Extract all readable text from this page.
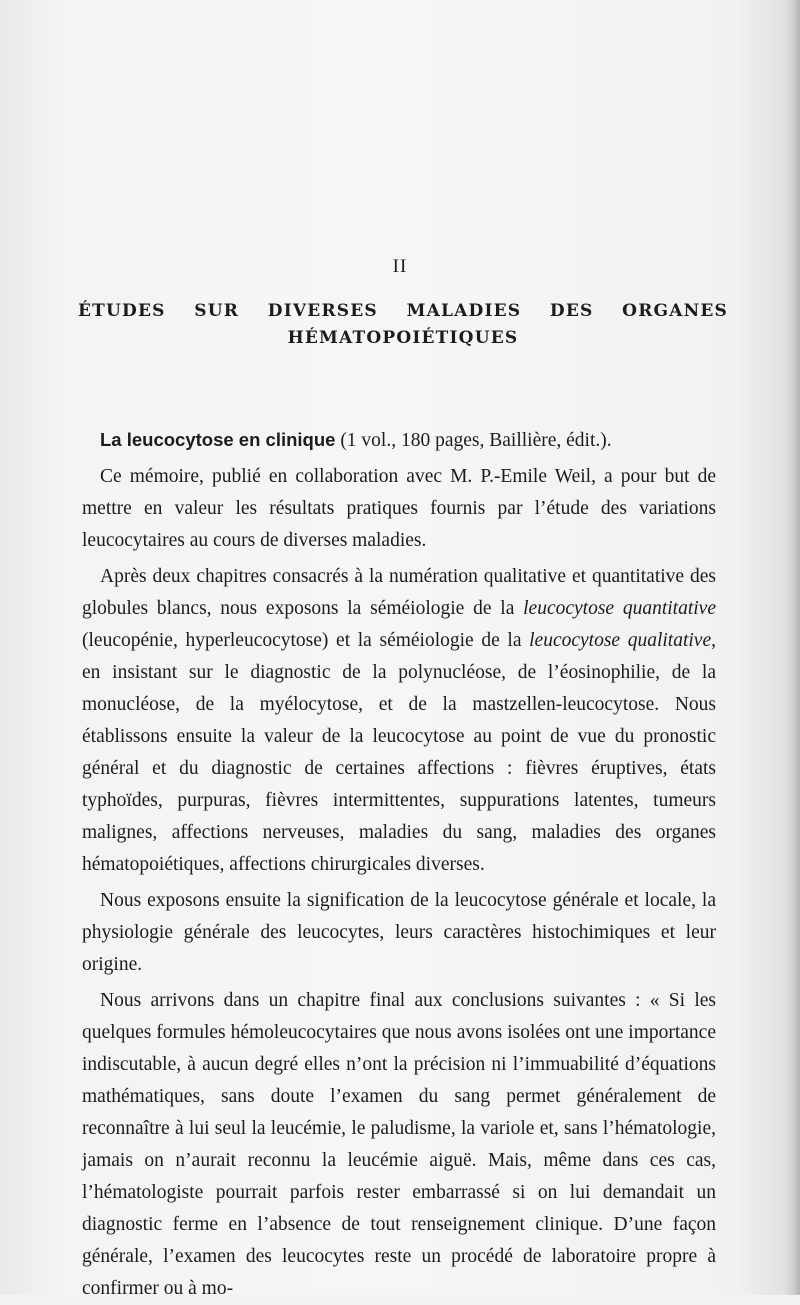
II
ÉTUDES SUR DIVERSES MALADIES DES ORGANES
HÉMATOPOIÉTIQUES

La leucocytose en clinique (1 vol., 180 pages, Baillière, édit.).

Ce mémoire, publié en collaboration avec M. P.-Emile Weil, a pour but de mettre en valeur les résultats pratiques fournis par l’étude des variations leucocytaires au cours de diverses maladies.

Après deux chapitres consacrés à la numération qualitative et quantitative des globules blancs, nous exposons la séméiologie de la leucocytose quantitative (leucopénie, hyperleucocytose) et la séméiologie de la leucocytose qualitative, en insistant sur le diagnostic de la polynucléose, de l’éosinophilie, de la monucléose, de la myélocytose, et de la mastzellen-leucocytose. Nous établissons ensuite la valeur de la leucocytose au point de vue du pronostic général et du diagnostic de certaines affections : fièvres éruptives, états typhoïdes, purpuras, fièvres intermittentes, suppurations latentes, tumeurs malignes, affections nerveuses, maladies du sang, maladies des organes hématopoiétiques, affections chirurgicales diverses.

Nous exposons ensuite la signification de la leucocytose générale et locale, la physiologie générale des leucocytes, leurs caractères histochimiques et leur origine.

Nous arrivons dans un chapitre final aux conclusions suivantes : « Si les quelques formules hémoleucocytaires que nous avons isolées ont une importance indiscutable, à aucun degré elles n’ont la précision ni l’immuabilité d’équations mathématiques, sans doute l’examen du sang permet généralement de reconnaître à lui seul la leucémie, le paludisme, la variole et, sans l’hématologie, jamais on n’aurait reconnu la leucémie aiguë. Mais, même dans ces cas, l’hématologiste pourrait parfois rester embarrassé si on lui demandait un diagnostic ferme en l’absence de tout renseignement clinique. D’une façon générale, l’examen des leucocytes reste un procédé de laboratoire propre à confirmer ou à mo-
